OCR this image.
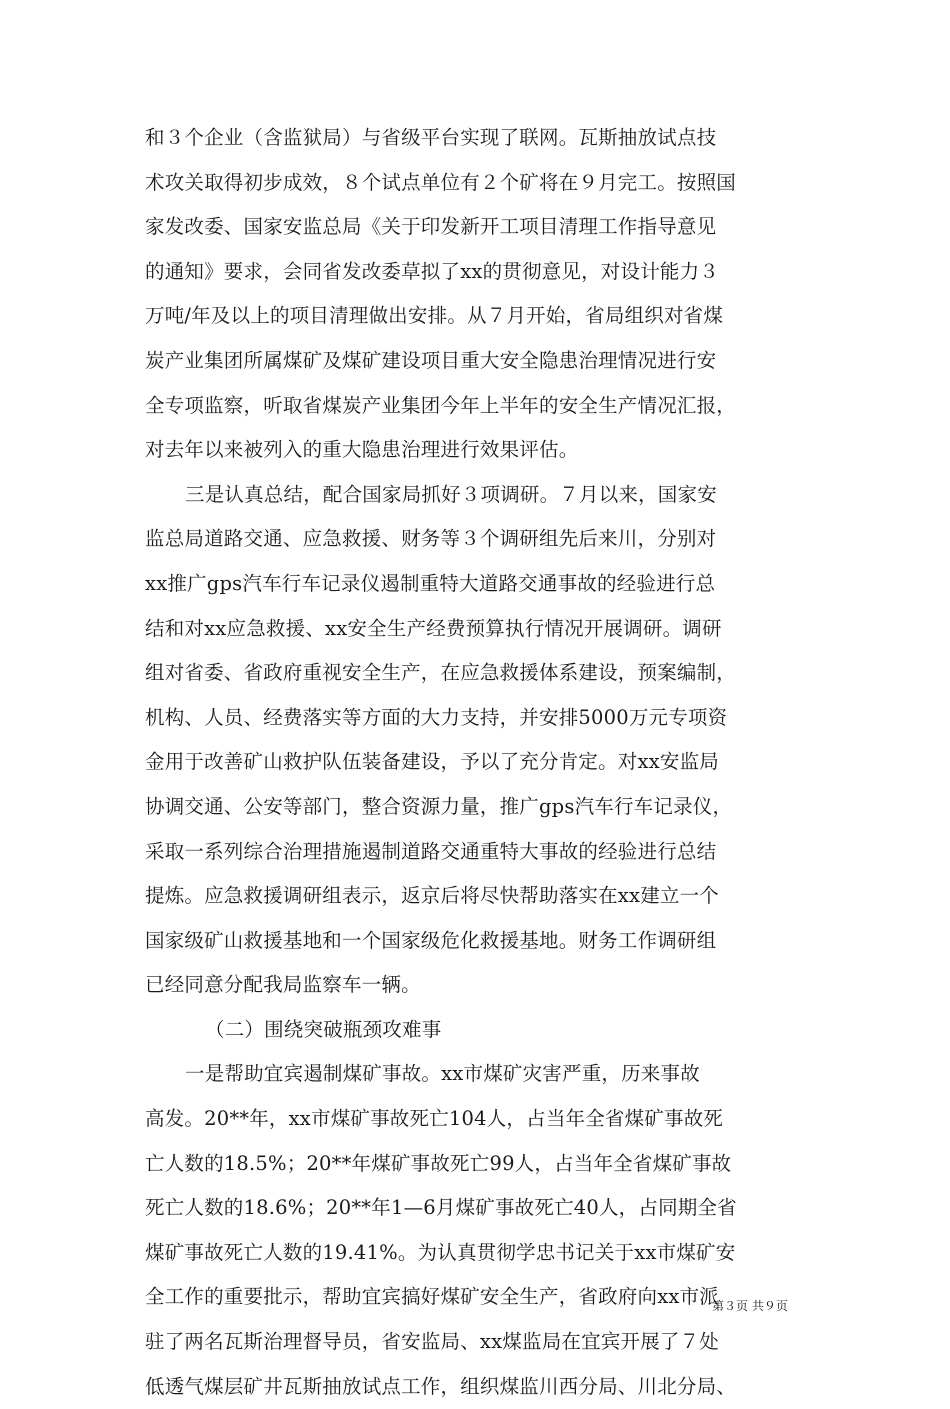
和３个企业（含监狱局）与省级平台实现了联网。瓦斯抽放试点技
术攻关取得初步成效，８个试点单位有２个矿将在９月完工。按照国
家发改委、国家安监总局《关于印发新开工项目清理工作指导意见
的通知》要求，会同省发改委草拟了xx的贯彻意见，对设计能力３
万吨/年及以上的项目清理做出安排。从７月开始，省局组织对省煤
炭产业集团所属煤矿及煤矿建设项目重大安全隐患治理情况进行安
全专项监察，听取省煤炭产业集团今年上半年的安全生产情况汇报，
对去年以来被列入的重大隐患治理进行效果评估。
三是认真总结，配合国家局抓好３项调研。７月以来，国家安
监总局道路交通、应急救援、财务等３个调研组先后来川，分别对
xx推广gps汽车行车记录仪遏制重特大道路交通事故的经验进行总
结和对xx应急救援、xx安全生产经费预算执行情况开展调研。调研
组对省委、省政府重视安全生产，在应急救援体系建设，预案编制，
机构、人员、经费落实等方面的大力支持，并安排5000万元专项资
金用于改善矿山救护队伍装备建设，予以了充分肯定。对xx安监局
协调交通、公安等部门，整合资源力量，推广gps汽车行车记录仪，
采取一系列综合治理措施遏制道路交通重特大事故的经验进行总结
提炼。应急救援调研组表示，返京后将尽快帮助落实在xx建立一个
国家级矿山救援基地和一个国家级危化救援基地。财务工作调研组
已经同意分配我局监察车一辆。
（二）围绕突破瓶颈攻难事
一是帮助宜宾遏制煤矿事故。xx市煤矿灾害严重，历来事故
高发。20**年，xx市煤矿事故死亡104人，占当年全省煤矿事故死
亡人数的18.5%；20**年煤矿事故死亡99人，占当年全省煤矿事故
死亡人数的18.6%；20**年1—6月煤矿事故死亡40人，占同期全省
煤矿事故死亡人数的19.41%。为认真贯彻学忠书记关于xx市煤矿安
全工作的重要批示，帮助宜宾搞好煤矿安全生产，省政府向xx市派
驻了两名瓦斯治理督导员，省安监局、xx煤监局在宜宾开展了７处
低透气煤层矿井瓦斯抽放试点工作，组织煤监川西分局、川北分局、
第３页 共９页
